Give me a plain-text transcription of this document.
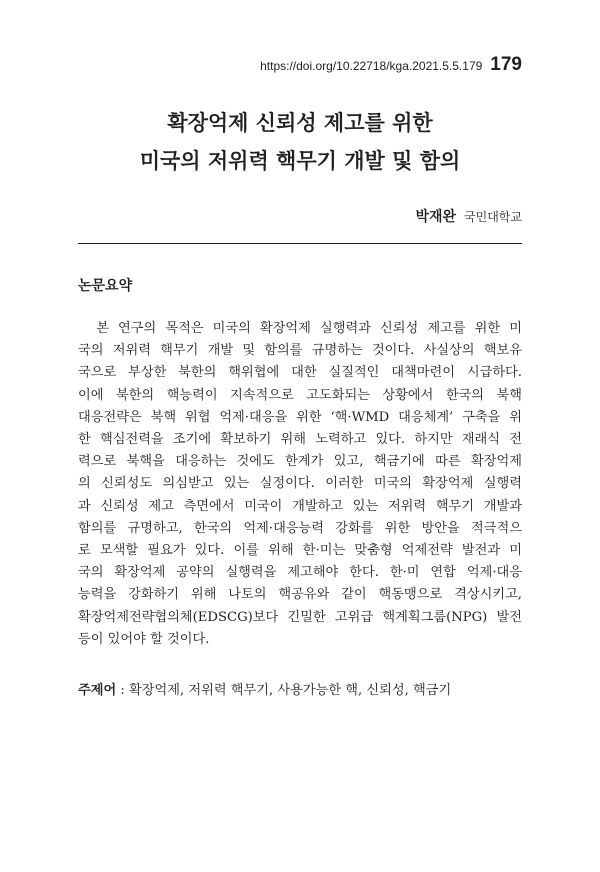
https://doi.org/10.22718/kga.2021.5.5.179 179
확장억제 신뢰성 제고를 위한
미국의 저위력 핵무기 개발 및 함의
박재완 국민대학교
논문요약
본 연구의 목적은 미국의 확장억제 실행력과 신뢰성 제고를 위한 미
국의 저위력 핵무기 개발 및 함의를 규명하는 것이다. 사실상의 핵보유
국으로 부상한 북한의 핵위협에 대한 실질적인 대책마련이 시급하다.
이에 북한의 핵능력이 지속적으로 고도화되는 상황에서 한국의 북핵
대응전략은 북핵 위협 억제·대응을 위한 ‘핵·WMD 대응체계’ 구축을 위
한 핵심전력을 조기에 확보하기 위해 노력하고 있다. 하지만 재래식 전
력으로 북핵을 대응하는 것에도 한계가 있고, 핵금기에 따른 확장억제
의 신뢰성도 의심받고 있는 실정이다. 이러한 미국의 확장억제 실행력
과 신뢰성 제고 측면에서 미국이 개발하고 있는 저위력 핵무기 개발과
함의를 규명하고, 한국의 억제·대응능력 강화를 위한 방안을 적극적으
로 모색할 필요가 있다. 이를 위해 한·미는 맞춤형 억제전략 발전과 미
국의 확장억제 공약의 실행력을 제고해야 한다. 한·미 연합 억제·대응
능력을 강화하기 위해 나토의 핵공유와 같이 핵동맹으로 격상시키고,
확장억제전략협의체(EDSCG)보다 긴밀한 고위급 핵계획그룹(NPG) 발전
등이 있어야 할 것이다.
주제어 : 확장억제, 저위력 핵무기, 사용가능한 핵, 신뢰성, 핵금기
